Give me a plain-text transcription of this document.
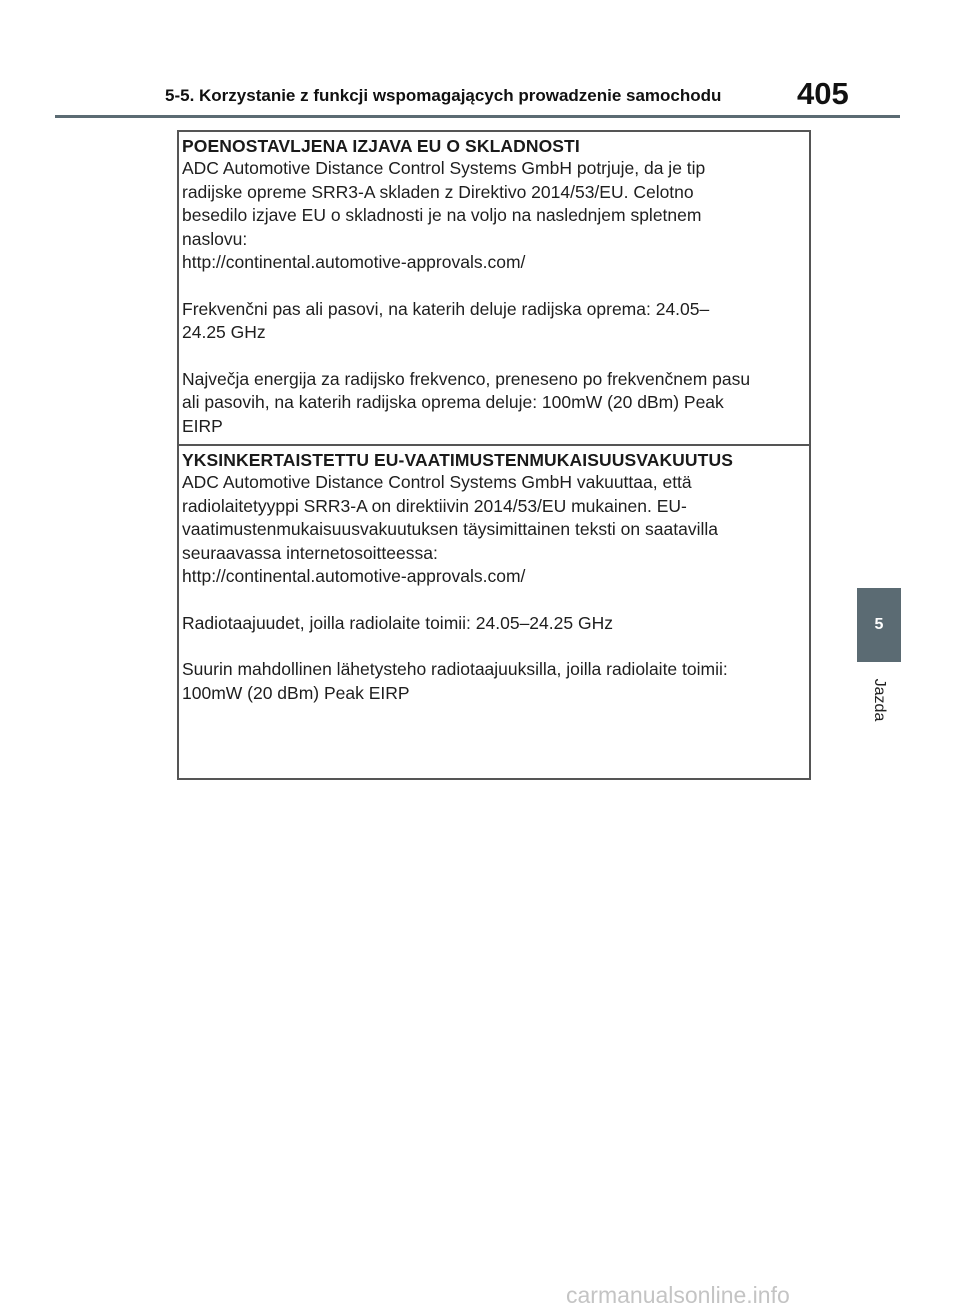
5-5. Korzystanie z funkcji wspomagających prowadzenie samochodu 405
5
Jazda
POENOSTAVLJENA IZJAVA EU O SKLADNOSTI
ADC Automotive Distance Control Systems GmbH potrjuje, da je tip
radijske opreme SRR3-A skladen z Direktivo 2014/53/EU. Celotno
besedilo izjave EU o skladnosti je na voljo na naslednjem spletnem
naslovu:
http://continental.automotive-approvals.com/
Frekvenčni pas ali pasovi, na katerih deluje radijska oprema: 24.05–
24.25 GHz
Največja energija za radijsko frekvenco, preneseno po frekvenčnem pasu
ali pasovih, na katerih radijska oprema deluje: 100mW (20 dBm) Peak
EIRP
YKSINKERTAISTETTU EU-VAATIMUSTENMUKAISUUSVAKUUTUS
ADC Automotive Distance Control Systems GmbH vakuuttaa, että
radiolaitetyyppi SRR3-A on direktiivin 2014/53/EU mukainen. EU-
vaatimustenmukaisuusvakuutuksen täysimittainen teksti on saatavilla
seuraavassa internetosoitteessa:
http://continental.automotive-approvals.com/
Radiotaajuudet, joilla radiolaite toimii: 24.05–24.25 GHz
Suurin mahdollinen lähetysteho radiotaajuuksilla, joilla radiolaite toimii:
100mW (20 dBm) Peak EIRP
carmanualsonline.info
